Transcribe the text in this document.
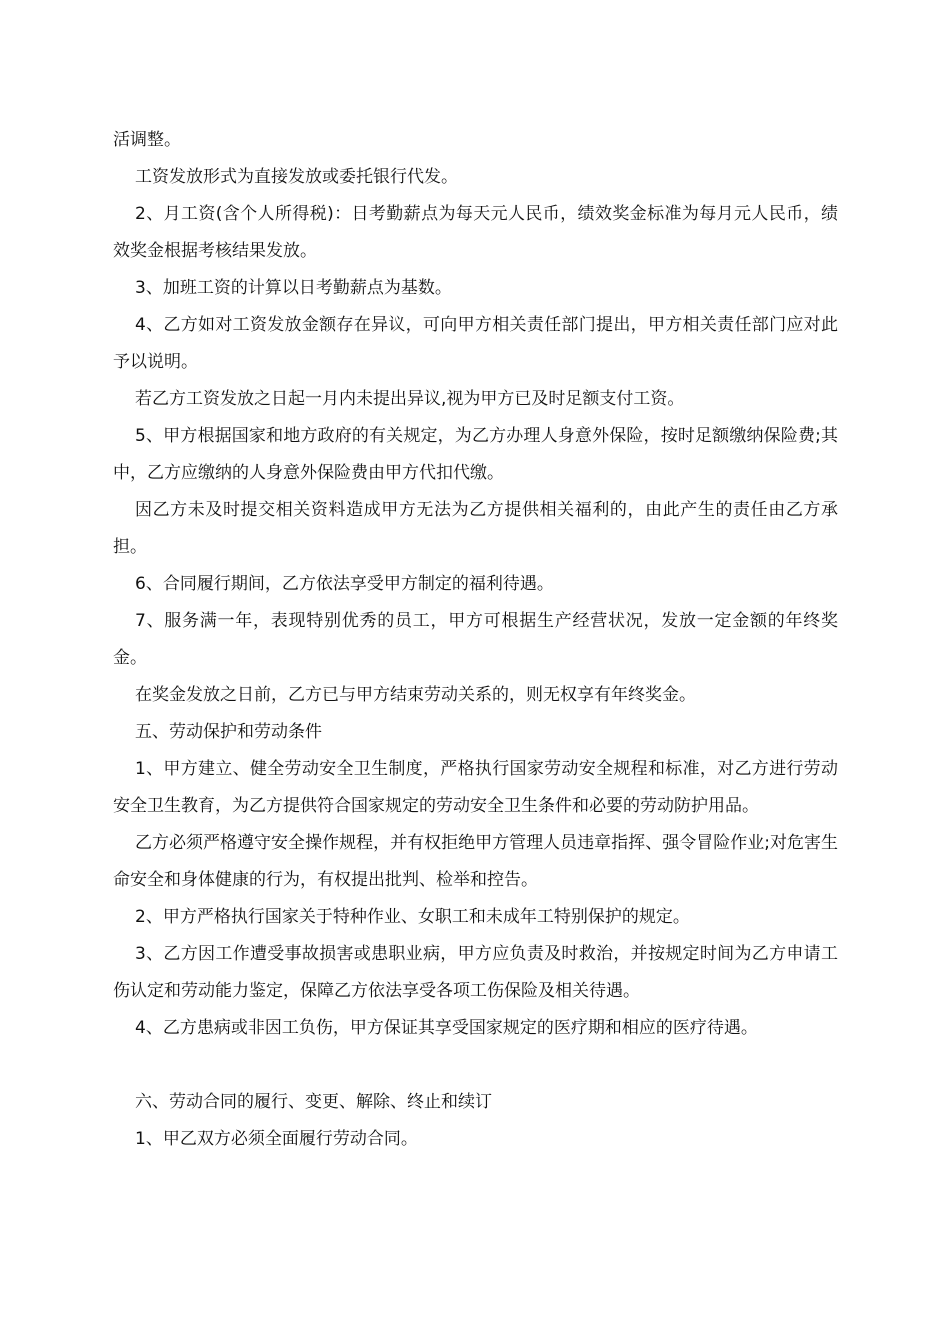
活调整。

工资发放形式为直接发放或委托银行代发。

2、月工资(含个人所得税)：日考勤薪点为每天元人民币，绩效奖金标准为每月元人民币，绩效奖金根据考核结果发放。

3、加班工资的计算以日考勤薪点为基数。

4、乙方如对工资发放金额存在异议，可向甲方相关责任部门提出，甲方相关责任部门应对此予以说明。

若乙方工资发放之日起一月内未提出异议,视为甲方已及时足额支付工资。

5、甲方根据国家和地方政府的有关规定，为乙方办理人身意外保险，按时足额缴纳保险费;其中，乙方应缴纳的人身意外保险费由甲方代扣代缴。

因乙方未及时提交相关资料造成甲方无法为乙方提供相关福利的，由此产生的责任由乙方承担。

6、合同履行期间，乙方依法享受甲方制定的福利待遇。

7、服务满一年，表现特别优秀的员工，甲方可根据生产经营状况，发放一定金额的年终奖金。

在奖金发放之日前，乙方已与甲方结束劳动关系的，则无权享有年终奖金。

五、劳动保护和劳动条件

1、甲方建立、健全劳动安全卫生制度，严格执行国家劳动安全规程和标准，对乙方进行劳动安全卫生教育，为乙方提供符合国家规定的劳动安全卫生条件和必要的劳动防护用品。

乙方必须严格遵守安全操作规程，并有权拒绝甲方管理人员违章指挥、强令冒险作业;对危害生命安全和身体健康的行为，有权提出批判、检举和控告。

2、甲方严格执行国家关于特种作业、女职工和未成年工特别保护的规定。

3、乙方因工作遭受事故损害或患职业病，甲方应负责及时救治，并按规定时间为乙方申请工伤认定和劳动能力鉴定，保障乙方依法享受各项工伤保险及相关待遇。

4、乙方患病或非因工负伤，甲方保证其享受国家规定的医疗期和相应的医疗待遇。

六、劳动合同的履行、变更、解除、终止和续订

1、甲乙双方必须全面履行劳动合同。
